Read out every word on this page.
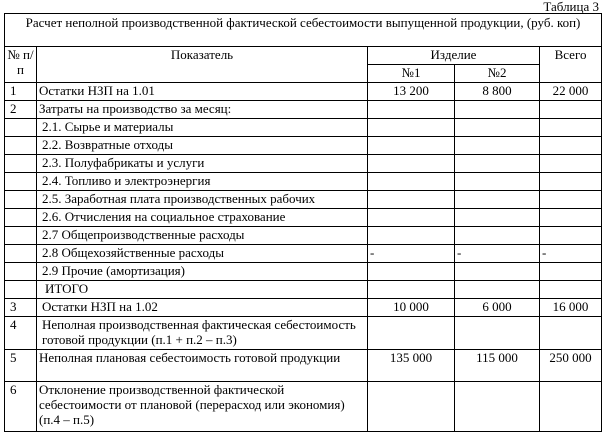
Таблица 3
Расчет неполной производственной фактической себестоимости выпущенной продукции, (руб. коп)				
№ п/п	Показатель	Изделие		Всего
		№1	№2	
1	Остатки НЗП на 1.01	13 200	8 800	22 000
2	Затраты на производство за месяц:			
	2.1. Сырье и материалы			
	2.2. Возвратные отходы			
	2.3. Полуфабрикаты и услуги			
	2.4. Топливо и электроэнергия			
	2.5. Заработная плата производственных рабочих			
	2.6. Отчисления на социальное страхование			
	2.7 Общепроизводственные расходы			
	2.8 Общехозяйственные расходы	-	-	-
	2.9 Прочие (амортизация)			
	ИТОГО			
3	Остатки НЗП на 1.02	10 000	6 000	16 000
4	Неполная производственная фактическая себестоимость готовой продукции (п.1 + п.2 – п.3)			
5	Неполная плановая себестоимость готовой продукции	135 000	115 000	250 000
6	Отклонение производственной фактической себестоимости от плановой (перерасход или экономия) (п.4 – п.5)			
